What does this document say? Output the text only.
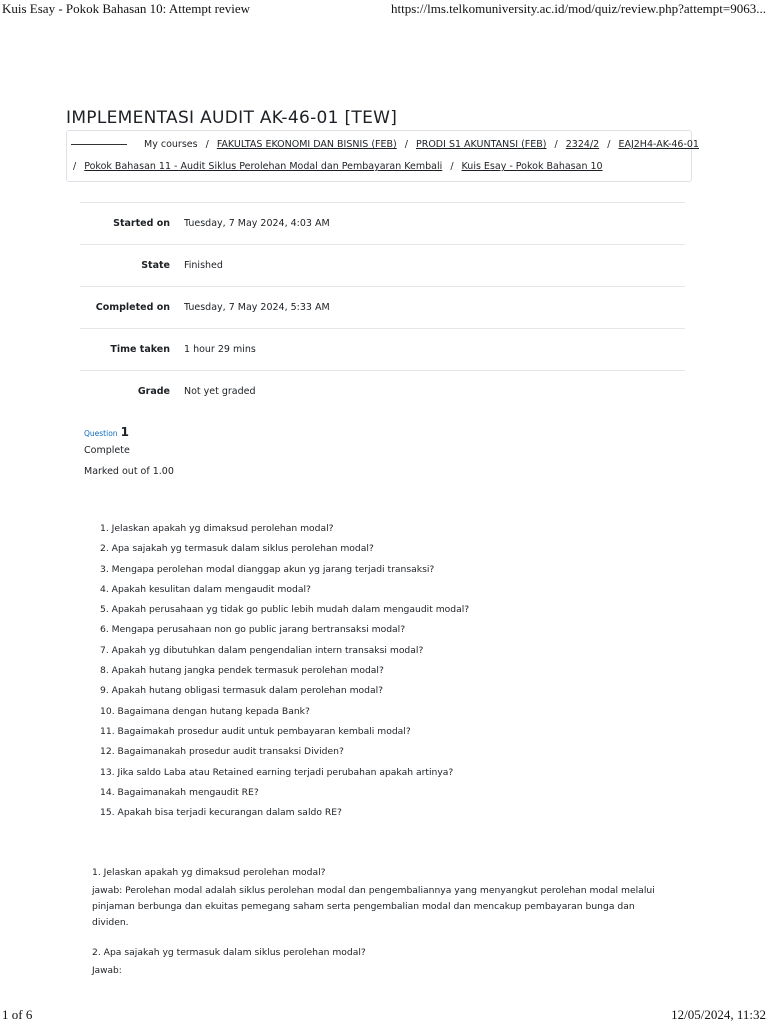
Kuis Esay - Pokok Bahasan 10: Attempt review	https://lms.telkomuniversity.ac.id/mod/quiz/review.php?attempt=9063...
IMPLEMENTASI AUDIT AK-46-01 [TEW]
My courses / FAKULTAS EKONOMI DAN BISNIS (FEB) / PRODI S1 AKUNTANSI (FEB) / 2324/2 / EAJ2H4-AK-46-01
/ Pokok Bahasan 11 - Audit Siklus Perolehan Modal dan Pembayaran Kembali / Kuis Esay - Pokok Bahasan 10
Started on	Tuesday, 7 May 2024, 4:03 AM
State	Finished
Completed on	Tuesday, 7 May 2024, 5:33 AM
Time taken	1 hour 29 mins
Grade	Not yet graded
Question 1
Complete
Marked out of 1.00
1. Jelaskan apakah yg dimaksud perolehan modal?
2. Apa sajakah yg termasuk dalam siklus perolehan modal?
3. Mengapa perolehan modal dianggap akun yg jarang terjadi transaksi?
4. Apakah kesulitan dalam mengaudit modal?
5. Apakah perusahaan yg tidak go public lebih mudah dalam mengaudit modal?
6. Mengapa perusahaan non go public jarang bertransaksi modal?
7. Apakah yg dibutuhkan dalam pengendalian intern transaksi modal?
8. Apakah hutang jangka pendek termasuk perolehan modal?
9. Apakah hutang obligasi termasuk dalam perolehan modal?
10. Bagaimana dengan hutang kepada Bank?
11. Bagaimakah prosedur audit untuk pembayaran kembali modal?
12. Bagaimanakah prosedur audit transaksi Dividen?
13. Jika saldo Laba atau Retained earning terjadi perubahan apakah artinya?
14. Bagaimanakah mengaudit RE?
15. Apakah bisa terjadi kecurangan dalam saldo RE?

1. Jelaskan apakah yg dimaksud perolehan modal?

jawab: Perolehan modal adalah siklus perolehan modal dan pengembaliannya yang menyangkut perolehan modal melalui pinjaman berbunga dan ekuitas pemegang saham serta pengembalian modal dan mencakup pembayaran bunga dan dividen.

2. Apa sajakah yg termasuk dalam siklus perolehan modal?

Jawab:
1 of 6	12/05/2024, 11:32
